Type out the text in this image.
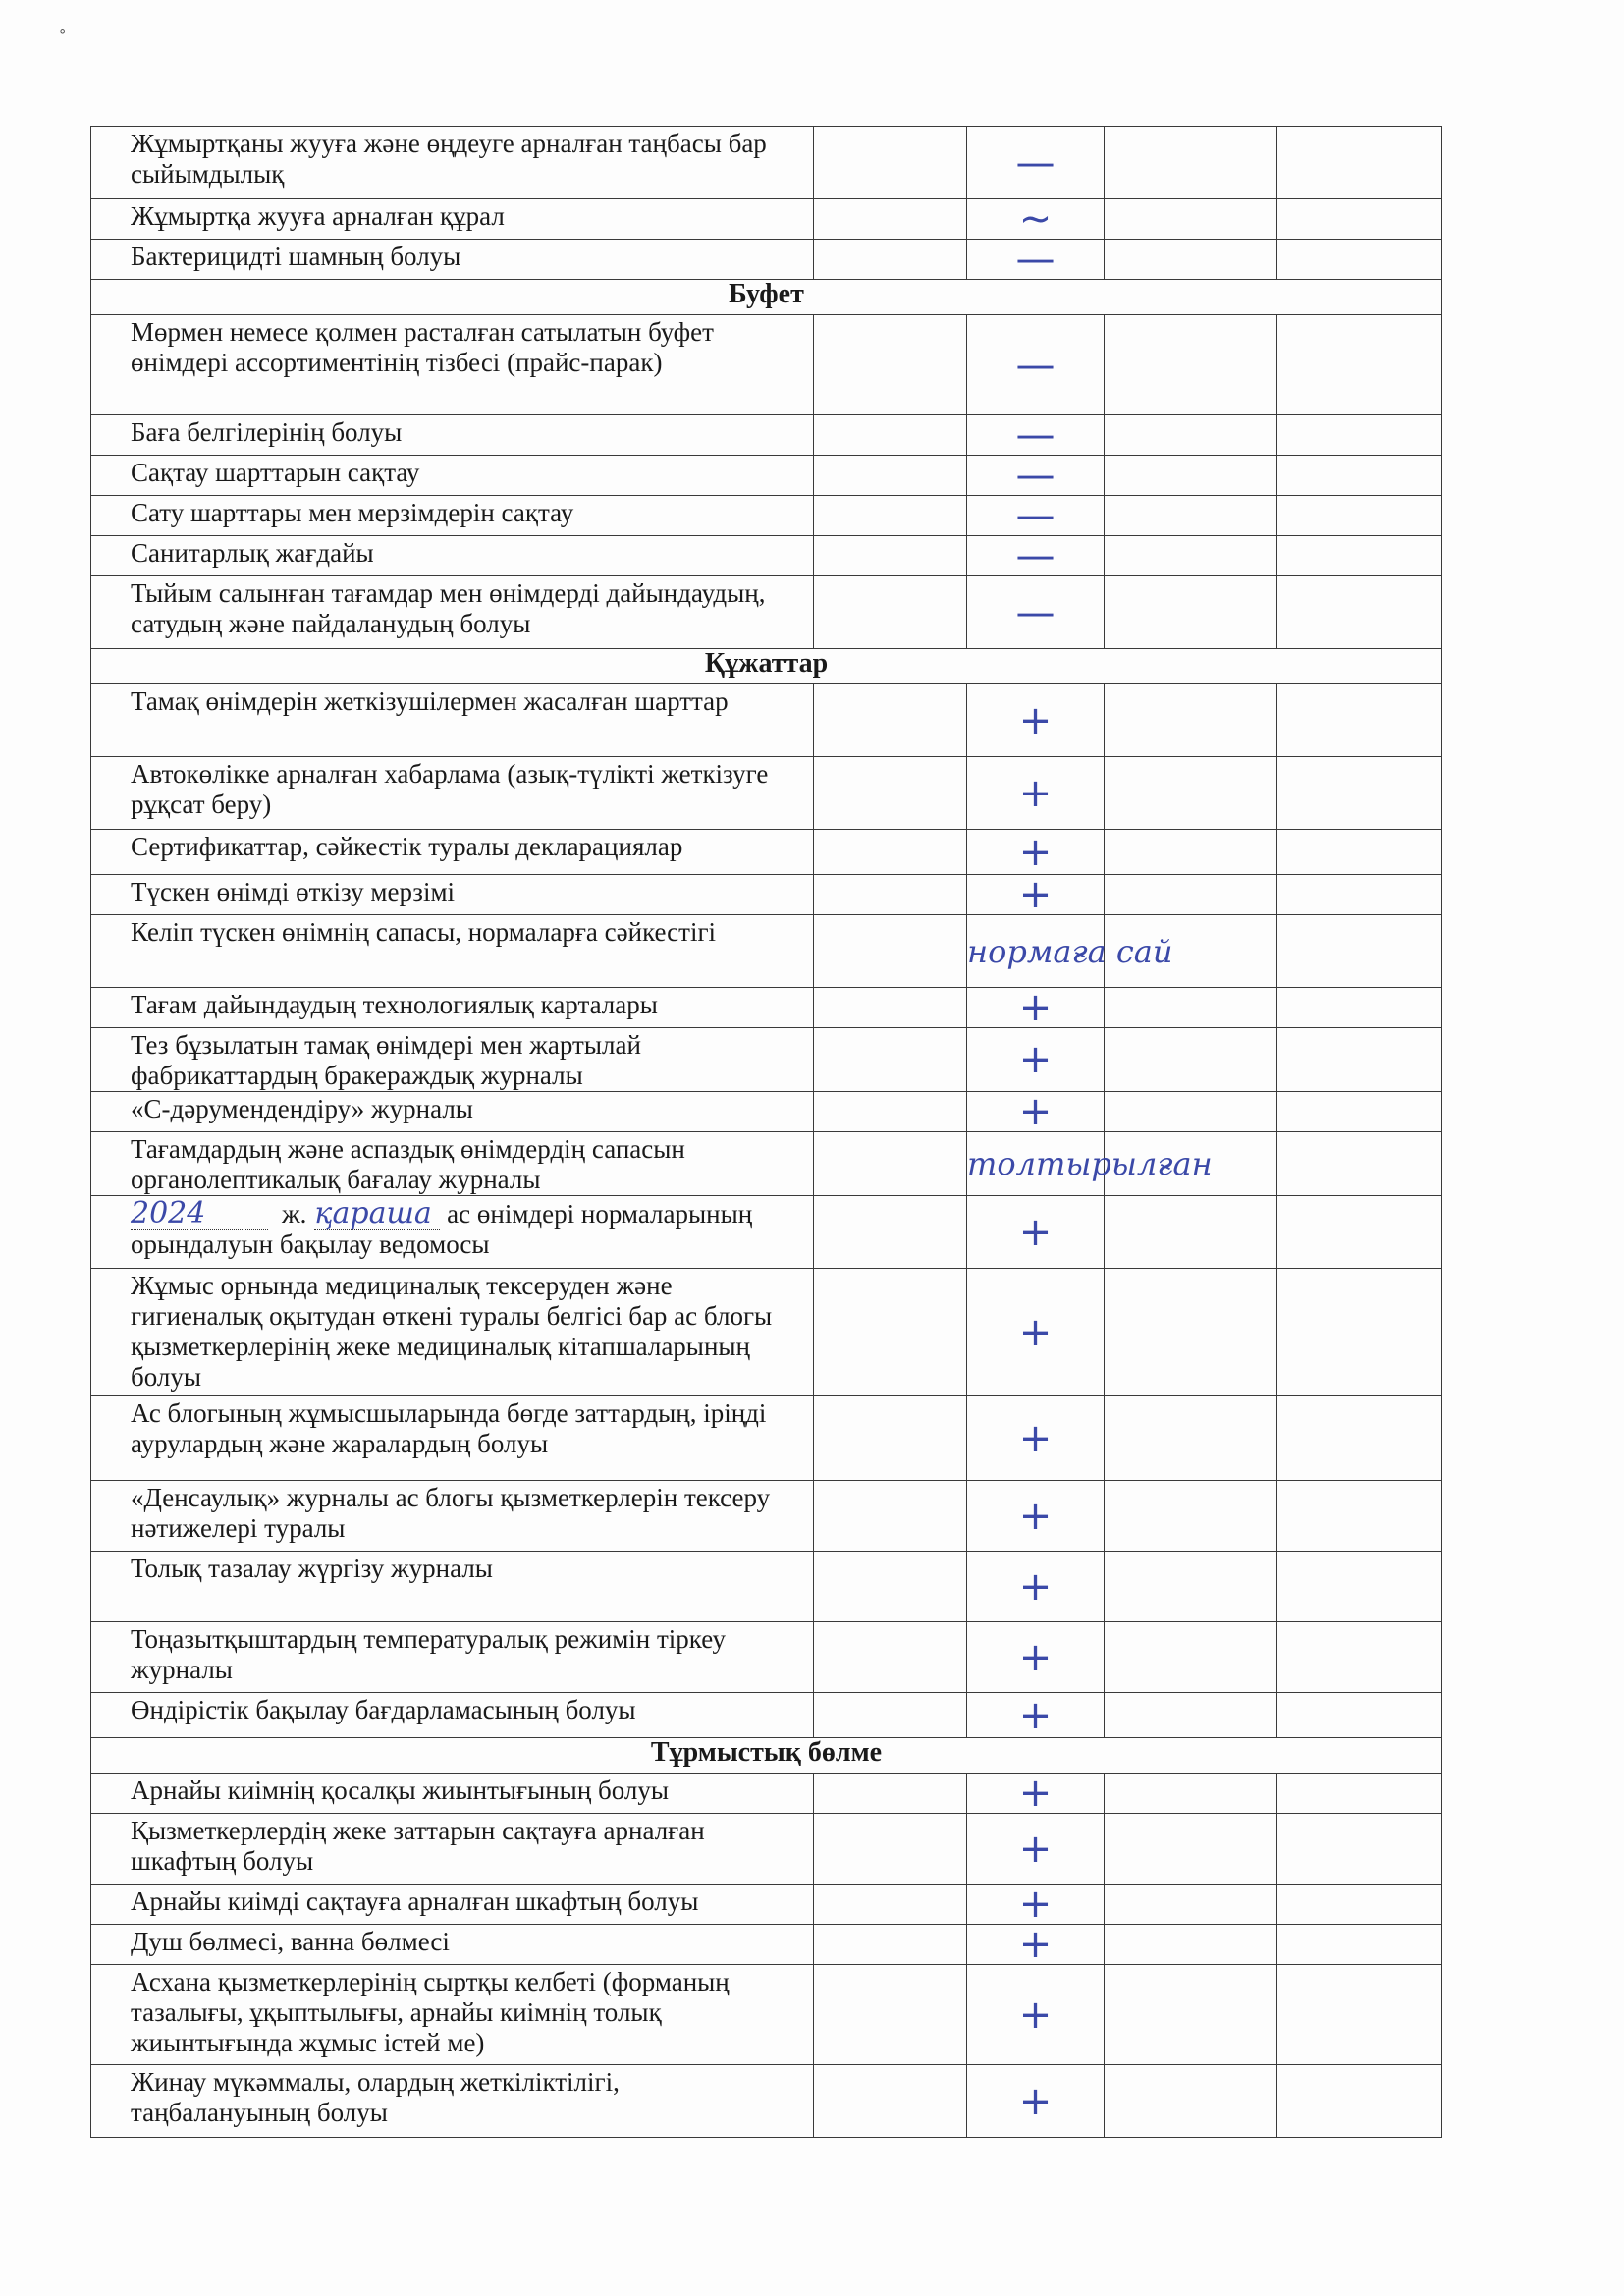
˚
Жұмыртқаны жууға және өңдеуге арналған таңбасы бар сыйымдылық		—		
Жұмыртқа жууға арналған құрал		~		
Бактерицидті шамның болуы		—		
Буфет				
Мөрмен немесе қолмен расталған сатылатын буфет өнімдері ассортиментінің тізбесі (прайс-парак)		—		
Баға белгілерінің болуы		—		
Сақтау шарттарын сақтау		—		
Сату шарттары мен мерзімдерін сақтау		—		
Санитарлық жағдайы		—		
Тыйым салынған тағамдар мен өнімдерді дайындаудың, сатудың және пайдаланудың болуы		—		
Құжаттар				
Тамақ өнімдерін жеткізушілермен жасалған шарттар		+		
Автокөлікке арналған хабарлама (азық-түлікті жеткізуге рұқсат беру)		+		
Сертификаттар, сәйкестік туралы декларациялар		+		
Түскен өнімді өткізу мерзімі		+		
Келіп түскен өнімнің сапасы, нормаларға сәйкестігі		нормаға сай		
Тағам дайындаудың технологиялық карталары		+		
Тез бұзылатын тамақ өнімдері мен жартылай фабрикаттардың бракераждық журналы		+		
«С-дәрумендендіру» журналы		+		
Тағамдардың және аспаздық өнімдердің сапасын органолептикалық бағалау журналы		толтырылған		
2024 ж. қараша ас өнімдері нормаларының орындалуын бақылау ведомосы		+		
Жұмыс орнында медициналық тексеруден және гигиеналық оқытудан өткені туралы белгісі бар ас блогы қызметкерлерінің жеке медициналық кітапшаларының болуы		+		
Ас блогының жұмысшыларында бөгде заттардың, іріңді аурулардың және жаралардың болуы		+		
«Денсаулық» журналы ас блогы қызметкерлерін тексеру нәтижелері туралы		+		
Толық тазалау жүргізу журналы		+		
Тоңазытқыштардың температуралық режимін тіркеу журналы		+		
Өндірістік бақылау бағдарламасының болуы		+		
Тұрмыстық бөлме				
Арнайы киімнің қосалқы жиынтығының болуы		+		
Қызметкерлердің жеке заттарын сақтауға арналған шкафтың болуы		+		
Арнайы киімді сақтауға арналған шкафтың болуы		+		
Душ бөлмесі, ванна бөлмесі		+		
Асхана қызметкерлерінің сыртқы келбеті (форманың тазалығы, ұқыптылығы, арнайы киімнің толық жиынтығында жұмыс істей ме)		+		
Жинау мүкәммалы, олардың жеткіліктілігі, таңбалануының болуы		+		
